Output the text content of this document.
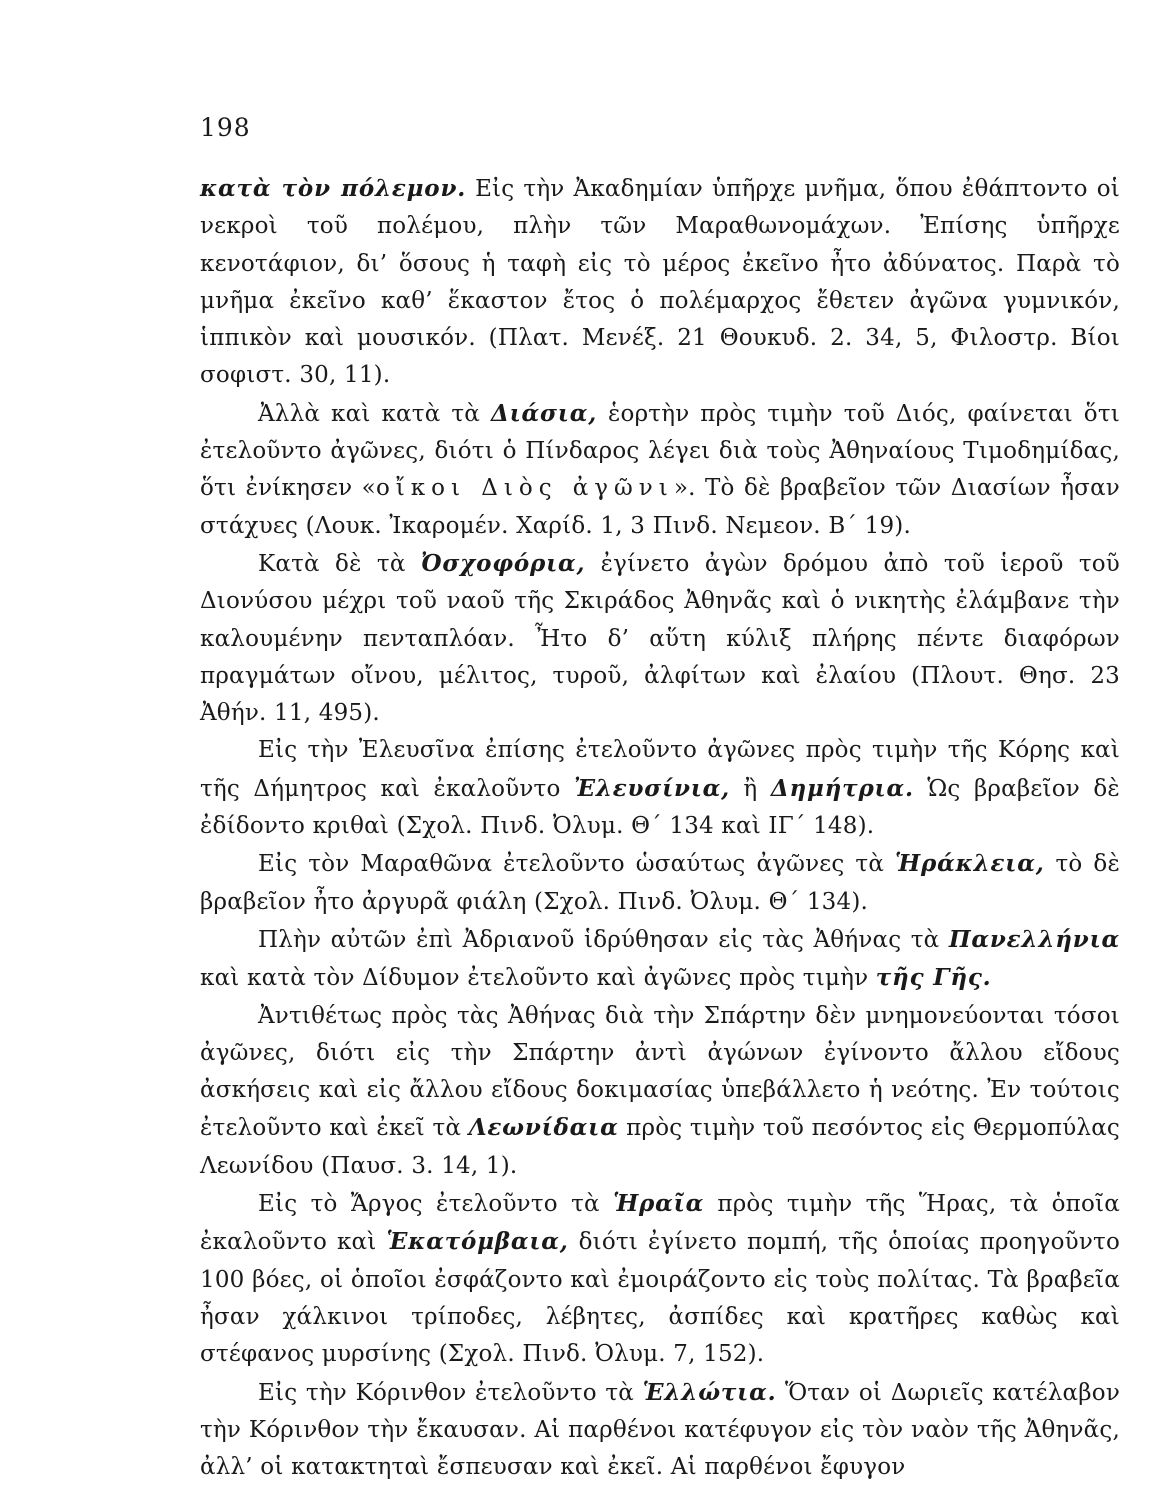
198

κατὰ τὸν πόλεμον. Εἰς τὴν Ἀκαδημίαν ὑπῆρχε μνῆμα, ὅπου ἐθάπτοντο οἱ νεκροὶ τοῦ πολέμου, πλὴν τῶν Μαραθωνομάχων. Ἐπίσης ὑπῆρχε κενοτάφιον, δι’ ὅσους ἡ ταφὴ εἰς τὸ μέρος ἐκεῖνο ἦτο ἀδύνατος. Παρὰ τὸ μνῆμα ἐκεῖνο καθ’ ἕκαστον ἔτος ὁ πολέμαρχος ἔθετεν ἀγῶνα γυμνικόν, ἱππικὸν καὶ μουσικόν. (Πλατ. Μενέξ. 21 Θουκυδ. 2. 34, 5, Φιλοστρ. Βίοι σοφιστ. 30, 11).

Ἀλλὰ καὶ κατὰ τὰ Διάσια, ἑορτὴν πρὸς τιμὴν τοῦ Διός, φαίνεται ὅτι ἐτελοῦντο ἀγῶνες, διότι ὁ Πίνδαρος λέγει διὰ τοὺς Ἀθηναίους Τιμοδημίδας, ὅτι ἐνίκησεν «οἴκοι Διὸς ἀγῶνι». Τὸ δὲ βραβεῖον τῶν Διασίων ἦσαν στάχυες (Λουκ. Ἰκαρομέν. Χαρίδ. 1, 3 Πινδ. Νεμεον. Β΄ 19).

Κατὰ δὲ τὰ Ὀσχοφόρια, ἐγίνετο ἀγὼν δρόμου ἀπὸ τοῦ ἱεροῦ τοῦ Διονύσου μέχρι τοῦ ναοῦ τῆς Σκιράδος Ἀθηνᾶς καὶ ὁ νικητὴς ἐλάμβανε τὴν καλουμένην πενταπλόαν. Ἦτο δ’ αὕτη κύλιξ πλήρης πέντε διαφόρων πραγμάτων οἴνου, μέλιτος, τυροῦ, ἀλφίτων καὶ ἐλαίου (Πλουτ. Θησ. 23 Ἀθήν. 11, 495).

Εἰς τὴν Ἐλευσῖνα ἐπίσης ἐτελοῦντο ἀγῶνες πρὸς τιμὴν τῆς Κόρης καὶ τῆς Δήμητρος καὶ ἐκαλοῦντο Ἐλευσίνια, ἢ Δημήτρια. Ὡς βραβεῖον δὲ ἐδίδοντο κριθαὶ (Σχολ. Πινδ. Ὀλυμ. Θ΄ 134 καὶ ΙΓ΄ 148).

Εἰς τὸν Μαραθῶνα ἐτελοῦντο ὡσαύτως ἀγῶνες τὰ Ἡράκλεια, τὸ δὲ βραβεῖον ἦτο ἀργυρᾶ φιάλη (Σχολ. Πινδ. Ὀλυμ. Θ΄ 134).

Πλὴν αὐτῶν ἐπὶ Ἀδριανοῦ ἱδρύθησαν εἰς τὰς Ἀθήνας τὰ Πανελλήνια καὶ κατὰ τὸν Δίδυμον ἐτελοῦντο καὶ ἀγῶνες πρὸς τιμὴν τῆς Γῆς.

Ἀντιθέτως πρὸς τὰς Ἀθήνας διὰ τὴν Σπάρτην δὲν μνημονεύονται τόσοι ἀγῶνες, διότι εἰς τὴν Σπάρτην ἀντὶ ἀγώνων ἐγίνοντο ἄλλου εἴδους ἀσκήσεις καὶ εἰς ἄλλου εἴδους δοκιμασίας ὑπεβάλλετο ἡ νεότης. Ἐν τούτοις ἐτελοῦντο καὶ ἐκεῖ τὰ Λεωνίδαια πρὸς τιμὴν τοῦ πεσόντος εἰς Θερμοπύλας Λεωνίδου (Παυσ. 3. 14, 1).

Εἰς τὸ Ἄργος ἐτελοῦντο τὰ Ἡραῖα πρὸς τιμὴν τῆς Ἥρας, τὰ ὁποῖα ἐκαλοῦντο καὶ Ἑκατόμβαια, διότι ἐγίνετο πομπή, τῆς ὁποίας προηγοῦντο 100 βόες, οἱ ὁποῖοι ἐσφάζοντο καὶ ἐμοιράζοντο εἰς τοὺς πολίτας. Τὰ βραβεῖα ἦσαν χάλκινοι τρίποδες, λέβητες, ἀσπίδες καὶ κρατῆρες καθὼς καὶ στέφανος μυρσίνης (Σχολ. Πινδ. Ὀλυμ. 7, 152).

Εἰς τὴν Κόρινθον ἐτελοῦντο τὰ Ἑλλώτια. Ὅταν οἱ Δωριεῖς κατέλαβον τὴν Κόρινθον τὴν ἔκαυσαν. Αἱ παρθένοι κατέφυγον εἰς τὸν ναὸν τῆς Ἀθηνᾶς, ἀλλ’ οἱ κατακτηταὶ ἔσπευσαν καὶ ἐκεῖ. Αἱ παρθένοι ἔφυγον
